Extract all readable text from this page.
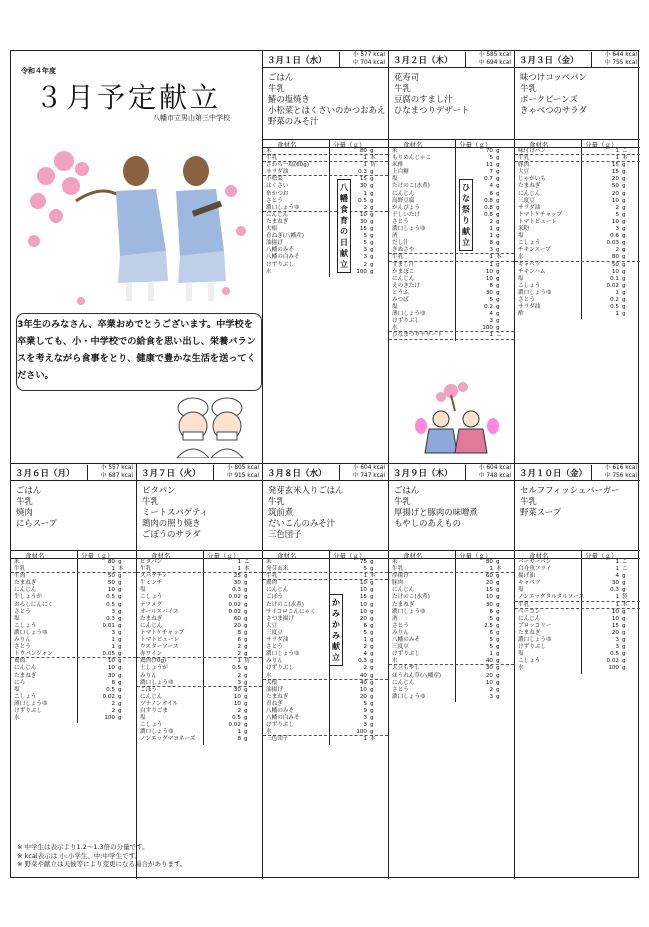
令和４年度
３月予定献立
八幡市立男山第三中学校
3年生のみなさん、卒業おめでとうございます。中学校を卒業しても、小・中学校での給食を思い出し、栄養バランスを考えながら食事をとり、健康で豊かな生活を送ってください。
３月１日（水）
小 577 kcal
中 704 kcal
ごはん
牛乳
鰆の塩焼き
小松菜とはくさいのかつおあえ
野菜のみそ汁
食材名	分量（ｇ）
米	80 g
牛乳	1 本
さわら一塩(60g)	1 切
サラダ油	0.3 g
小松菜	15 g
はくさい	30 g
糸かつお	1 g
さとう	0.5 g
濃口しょうゆ	2 g
にんじん	10 g
たまねぎ	30 g
大根	15 g
青ねぎ(八幡産)	5 g
油揚げ	5 g
八幡のみそ	3 g
八幡の白みそ	3 g
けずりぶし	2 g
水	100 g
八
幡
食
育
の
日
献
立
３月２日（木）
小 585 kcal
中 694 kcal
花寿司
牛乳
豆腐のすまし汁
ひなまつりデザート
食材名	分量（ｇ）
米	70 g
もりめんじゃこ	5 g
米酢	11 g
上白糖	7 g
塩	0.7 g
たけのこ(水煮)	4 g
にんじん	6 g
高野豆腐	0.8 g
かんぴょう	0.8 g
干しいたけ	0.8 g
さとう	2 g
濃口しょうゆ	1 g
酒	1 g
だし汁	8 g
きぬさや	3 g
牛乳	1 本
すまし汁	1 g
かまぼこ	10 g
にんじん	10 g
えのきたけ	8 g
とうふ	30 g
みつば	5 g
塩	0.2 g
薄口しょうゆ	4 g
けずりぶし	3 g
水	100 g
ひなまつりデザート	1 こ
ひ
な
祭
り
献
立
３月３日（金）
小 644 kcal
中 755 kcal
味つけコッペパン
牛乳
ポークビーンズ
きゃべつのサラダ
食材名	分量（ｇ）
味付けパン	1 こ
牛乳	1 本
豚肉	15 g
大豆	15 g
じゃがいも	20 g
たまねぎ	50 g
にんじん	20 g
三度豆	10 g
サラダ油	2 g
トマトケチャップ	5 g
トマトピューレ	10 g
米粉	3 g
塩	0.6 g
こしょう	0.03 g
チキンスープ	2 g
水	80 g
キャベツ	50 g
チキンハム	10 g
塩	0.1 g
こしょう	0.02 g
濃口しょうゆ	1 g
さとう	0.2 g
サラダ油	0.5 g
酢	1 g
３月６日（月）
小 557 kcal
中 687 kcal
ごはん
牛乳
焼肉
にらスープ
食材名	分量（ｇ）
米	80 g
牛乳	1 本
牛肉	50 g
たまねぎ	50 g
にんじん	10 g
生しょうが	0.5 g
おろしにんにく	0.5 g
さとう	3 g
塩	0.3 g
こしょう	0.01 g
濃口しょうゆ	3 g
みりん	1 g
さとう	1 g
トウバンジャン	0.05 g
鶏肉	10 g
にんじん	10 g
たまねぎ	30 g
にら	8 g
塩	0.5 g
こしょう	0.02 g
薄口しょうゆ	2 g
けずりぶし	2 g
水	100 g
３月７日（火）
小 805 kcal
中 915 kcal
ピタパン
牛乳
ミートスパゲティ
鶏肉の照り焼き
ごぼうのサラダ
食材名	分量（ｇ）
ピタパン	1 こ
牛乳	1 本
スパゲティ	25 g
牛ミンチ	30 g
塩	0.3 g
こしょう	0.02 g
ナツメグ	0.02 g
オールスパイス	0.02 g
たまねぎ	60 g
にんじん	20 g
トマトケチャップ	8 g
トマトピューレ	6 g
ウスターソース	2 g
赤ワイン	2 g
鶏肉(70g)	1 切
土しょうが	0.5 g
みりん	2 g
濃口しょうゆ	3 g
ごぼう	30 g
にんじん	10 g
ツナノンオイル	10 g
白すりごま	2 g
塩	0.5 g
こしょう	0.02 g
濃口しょうゆ	1 g
ノンエッグマヨネーズ	8 g
３月８日（水）
小 604 kcal
中 747 kcal
発芽玄米入りごはん
牛乳
筑前煮
だいこんのみそ汁
三色団子
食材名	分量（ｇ）
米	75 g
発芽玄米	5 g
牛乳	1 本
鶏肉	10 g
にんじん	10 g
ごぼう	15 g
たけのこ(水煮)	10 g
サイコロこんにゃく	10 g
さつま揚げ	20 g
大豆	6 g
三度豆	5 g
サラダ油	1 g
さとう	2 g
濃口しょうゆ	4 g
みりん	0.3 g
けずりぶし	2 g
水	40 g
大根	40 g
油揚げ	10 g
たまねぎ	20 g
青ねぎ	5 g
八幡のみそ	9 g
八幡の白みそ	3 g
けずりぶし	3 g
水	100 g
三色団子	1 本
か
み
か
み
献
立
３月９日（木）
小 604 kcal
中 748 kcal
ごはん
牛乳
厚揚げと豚肉の味噌煮
もやしのあえもの
食材名	分量（ｇ）
米	80 g
牛乳	1 本
厚揚げ	60 g
豚肉	20 g
にんじん	15 g
たけのこ(水煮)	10 g
たまねぎ	30 g
濃口しょうゆ	6 g
酒	5 g
さとう	2.5 g
みりん	6 g
八幡のみそ	5 g
三度豆	5 g
けずりぶし	1 g
水	40 g
大豆もやし	30 g
ほうれん草(八幡産)	20 g
にんじん	10 g
さとう	2 g
濃口しょうゆ	3 g
３月１０日（金）
小 616 kcal
中 756 kcal
セルフフィッシュバーガー
牛乳
野菜スープ
食材名	分量（ｇ）
バーガーパン	1 こ
白身魚フライ	1 こ
揚げ油	4 g
キャベツ	30 g
塩	0.3 g
ノンエッグタルタルソース	1 袋
牛乳	1 本
ベーコン	10 g
にんじん	10 g
ブロッコリー	15 g
たまねぎ	20 g
濃口しょうゆ	3 g
けずりぶし	3 g
塩	0.5 g
こしょう	0.02 g
水	100 g
※ 中学生は表示より1.2～1.3倍の分量です。
※ kcal表示は 小:小学生、中:中学生です。
※ 野菜や献立は天候等により変更になる場合があります。
